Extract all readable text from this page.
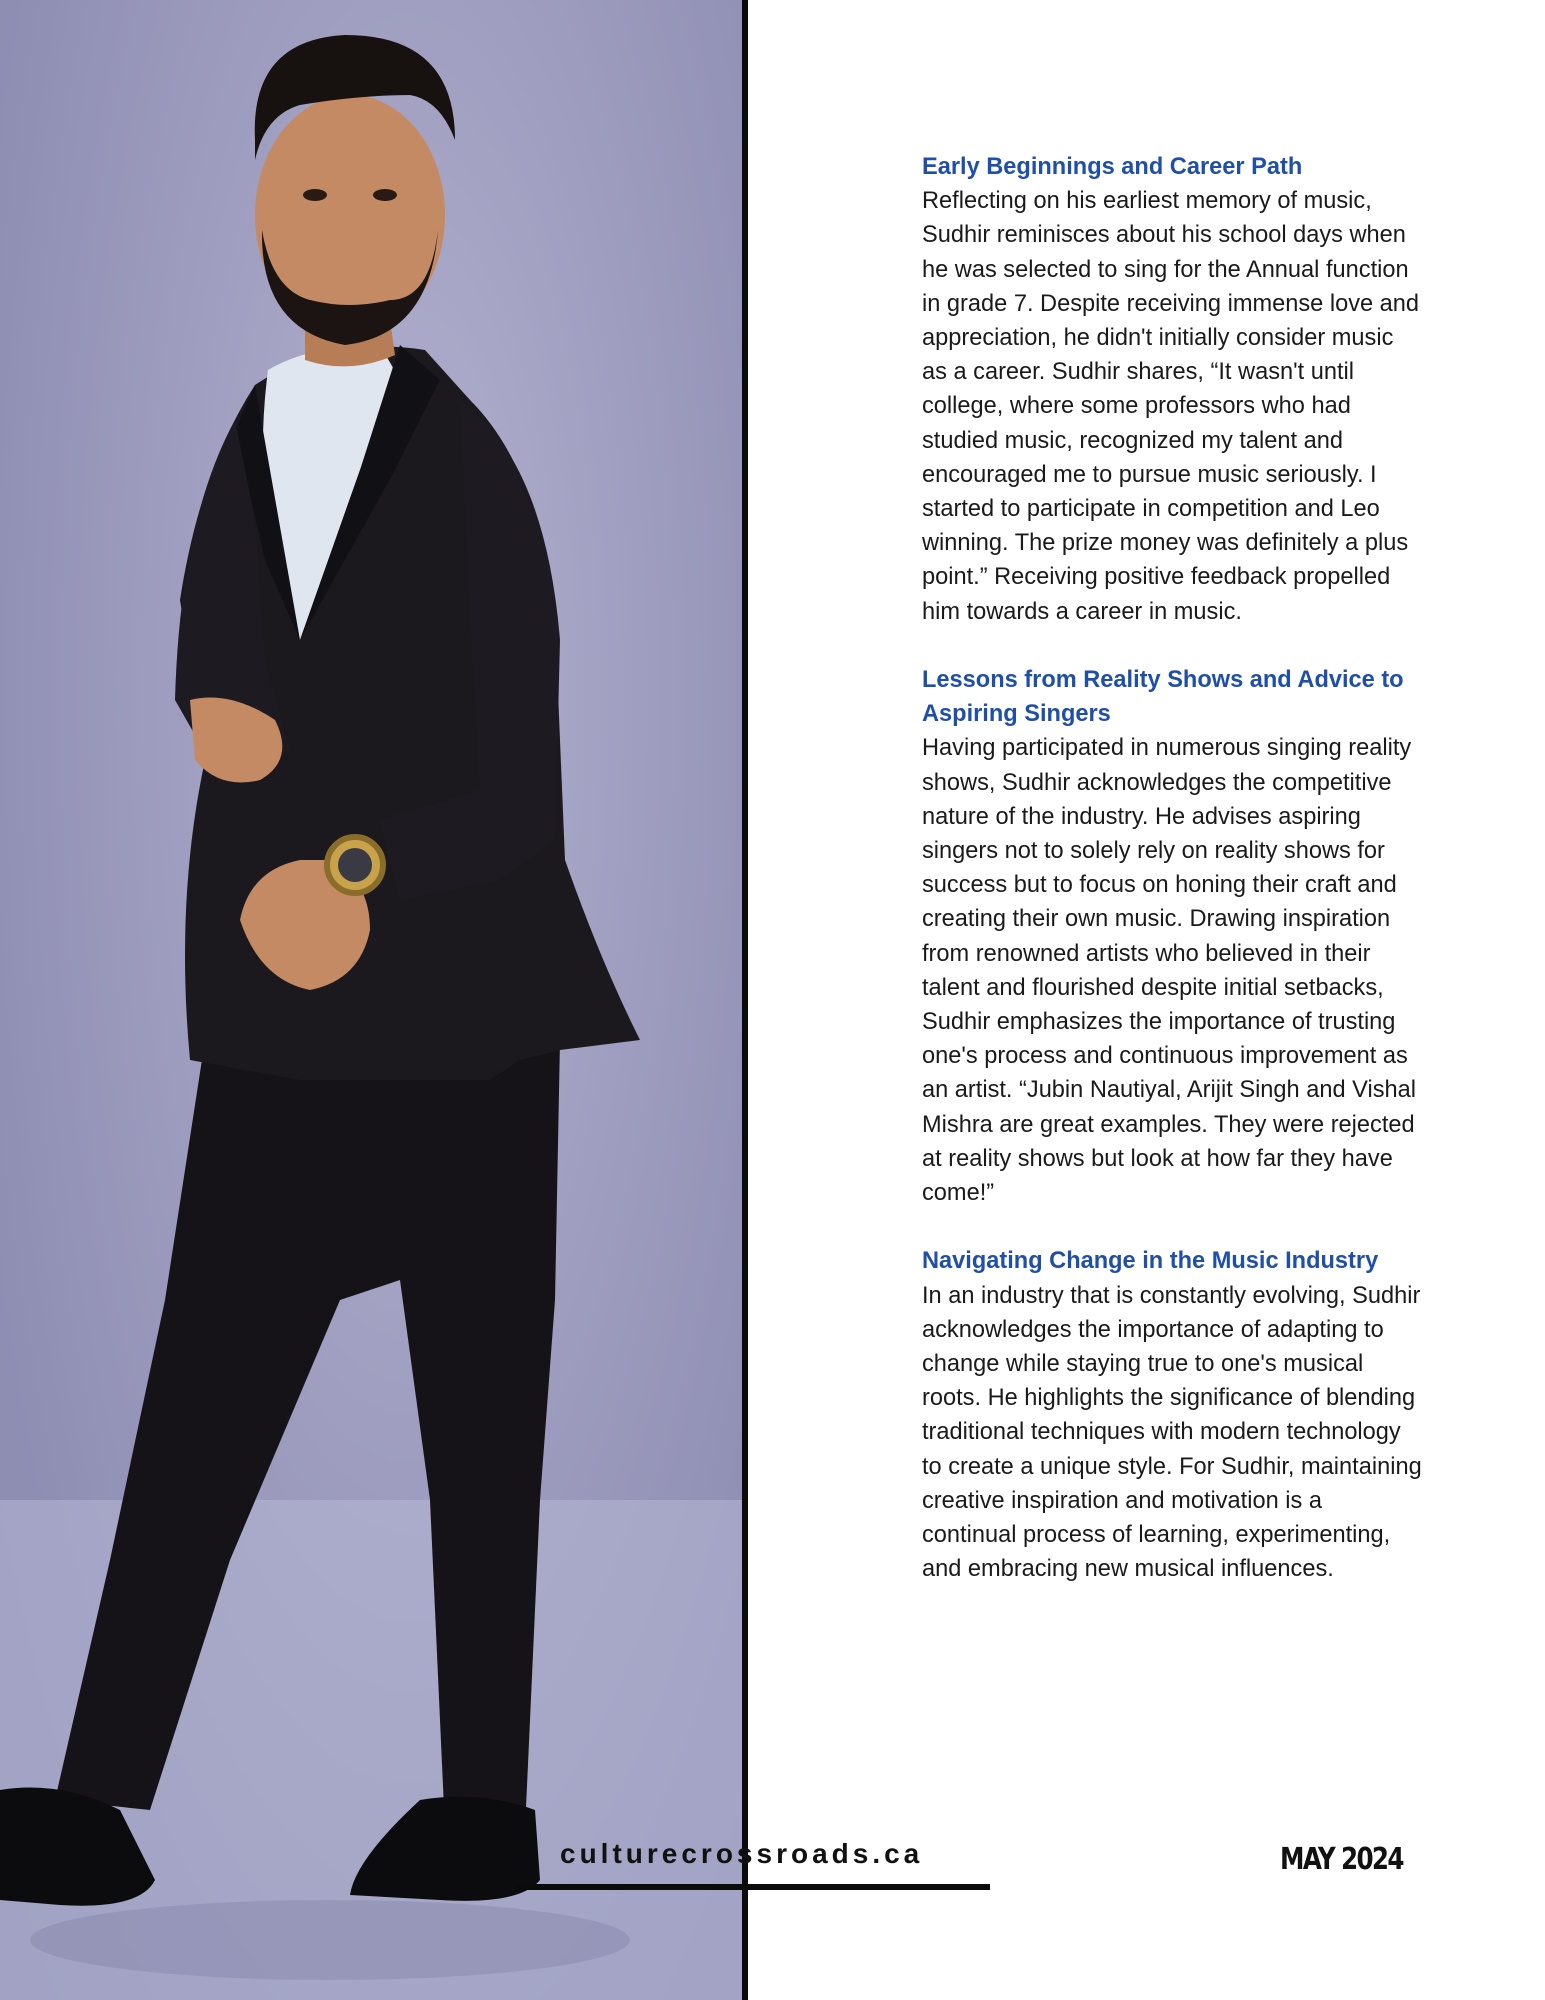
Early Beginnings and Career Path

Reflecting on his earliest memory of music, Sudhir reminisces about his school days when he was selected to sing for the Annual function in grade 7. Despite receiving immense love and appreciation, he didn't initially consider music as a career. Sudhir shares, “It wasn't until college, where some professors who had studied music, recognized my talent and encouraged me to pursue music seriously. I started to participate in competition and Leo winning. The prize money was definitely a plus point.” Receiving positive feedback propelled him towards a career in music.

Lessons from Reality Shows and Advice to Aspiring Singers

Having participated in numerous singing reality shows, Sudhir acknowledges the competitive nature of the industry. He advises aspiring singers not to solely rely on reality shows for success but to focus on honing their craft and creating their own music. Drawing inspiration from renowned artists who believed in their talent and flourished despite initial setbacks, Sudhir emphasizes the importance of trusting one's process and continuous improvement as an artist. “Jubin Nautiyal, Arijit Singh and Vishal Mishra are great examples. They were rejected at reality shows but look at how far they have come!”

Navigating Change in the Music Industry

In an industry that is constantly evolving, Sudhir acknowledges the importance of adapting to change while staying true to one's musical roots. He highlights the significance of blending traditional techniques with modern technology to create a unique style. For Sudhir, maintaining creative inspiration and motivation is a continual process of learning, experimenting, and embracing new musical influences.

culturecrossroads.ca	MAY 2024
